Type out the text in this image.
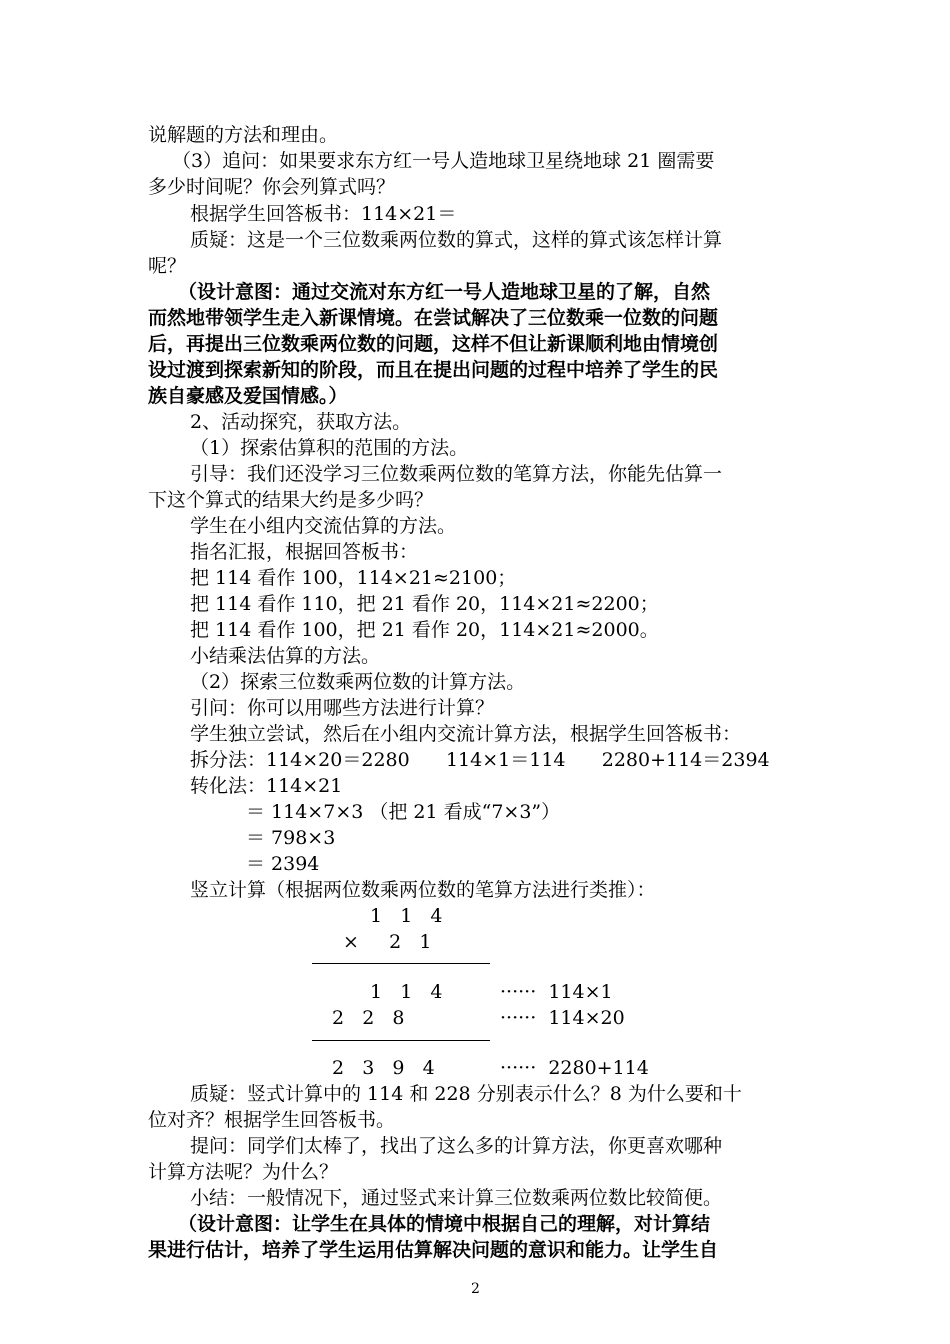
说解题的方法和理由。
（3）追问：如果要求东方红一号人造地球卫星绕地球 21 圈需要
多少时间呢？你会列算式吗？
根据学生回答板书：114×21＝
质疑：这是一个三位数乘两位数的算式，这样的算式该怎样计算
呢？
（设计意图：通过交流对东方红一号人造地球卫星的了解，自然
而然地带领学生走入新课情境。在尝试解决了三位数乘一位数的问题
后，再提出三位数乘两位数的问题，这样不但让新课顺利地由情境创
设过渡到探索新知的阶段，而且在提出问题的过程中培养了学生的民
族自豪感及爱国情感。）
2、活动探究，获取方法。
（1）探索估算积的范围的方法。
引导：我们还没学习三位数乘两位数的笔算方法，你能先估算一
下这个算式的结果大约是多少吗？
学生在小组内交流估算的方法。
指名汇报，根据回答板书：
把 114 看作 100，114×21≈2100；
把 114 看作 110，把 21 看作 20，114×21≈2200；
把 114 看作 100，把 21 看作 20，114×21≈2000。
小结乘法估算的方法。
（2）探索三位数乘两位数的计算方法。
引问：你可以用哪些方法进行计算？
学生独立尝试，然后在小组内交流计算方法，根据学生回答板书：
拆分法：114×20＝2280      114×1＝114      2280+114＝2394
转化法：114×21
＝ 114×7×3 （把 21 看成“7×3”）
＝ 798×3
＝ 2394
竖立计算（根据两位数乘两位数的笔算方法进行类推）：
1   1   4
×     2   1
1   1   4	······  114×1
2   2   8	······  114×20
2   3   9   4	······  2280+114
质疑：竖式计算中的 114 和 228 分别表示什么？8 为什么要和十
位对齐？根据学生回答板书。
提问：同学们太棒了，找出了这么多的计算方法，你更喜欢哪种
计算方法呢？为什么？
小结：一般情况下，通过竖式来计算三位数乘两位数比较简便。
（设计意图：让学生在具体的情境中根据自己的理解，对计算结
果进行估计，培养了学生运用估算解决问题的意识和能力。让学生自
2
